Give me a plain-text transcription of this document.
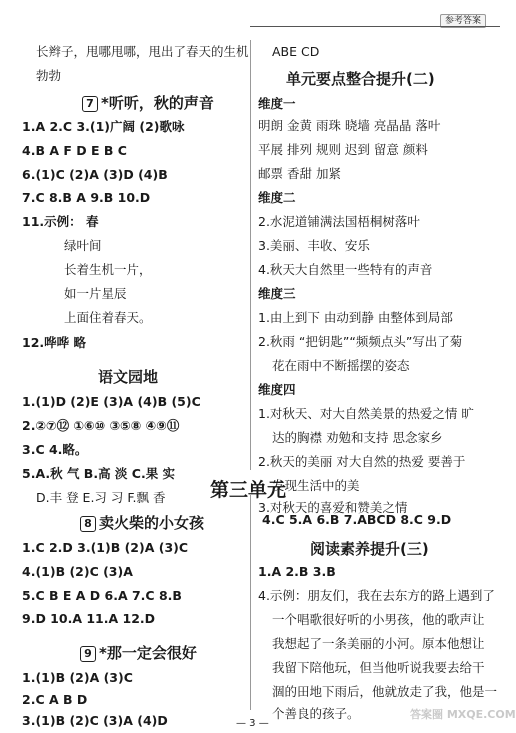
参考答案
长辫子，甩哪甩哪，甩出了春天的生机
勃勃
7 *听听，秋的声音
1.A 2.C 3.(1)广阔 (2)歌咏
4.B A F D E B C
6.(1)C (2)A (3)D (4)B
7.C 8.B A 9.B 10.D
11.示例： 春
绿叶间
长着生机一片，
如一片星辰
上面住着春天。
12.哗哗 略
语文园地
1.(1)D (2)E (3)A (4)B (5)C
2.②⑦⑫ ①⑥⑩ ③⑤⑧ ④⑨⑪
3.C 4.略。
5.A.秋 气 B.高 淡 C.果 实
D.丰 登 E.习 习 F.飘 香 第三单元
8 卖火柴的小女孩
1.C 2.D 3.(1)B (2)A (3)C
4.(1)B (2)C (3)A
5.C B E A D 6.A 7.C 8.B
9.D 10.A 11.A 12.D
9 *那一定会很好
1.(1)B (2)A (3)C
2.C A B D
3.(1)B (2)C (3)A (4)D
ABE CD
单元要点整合提升(二)
维度一
明朗 金黄 雨珠 晓墙 亮晶晶 落叶
平展 排列 规则 迟到 留意 颜料
邮票 香甜 加紧
维度二
2.水泥道铺满法国梧桐树落叶
3.美丽、丰收、安乐
4.秋天大自然里一些特有的声音
维度三
1.由上到下 由动到静 由整体到局部
2.秋雨 “把钥匙”“频频点头”写出了菊
花在雨中不断摇摆的姿态
维度四
1.对秋天、对大自然美景的热爱之情 旷
达的胸襟 劝勉和支持 思念家乡
2.秋天的美丽 对大自然的热爱 要善于
发现生活中的美
3.对秋天的喜爱和赞美之情
4.C 5.A 6.B 7.ABCD 8.C 9.D
阅读素养提升(三)
1.A 2.B 3.B
4.示例：朋友们，我在去东方的路上遇到了
一个唱歌很好听的小男孩，他的歌声让
我想起了一条美丽的小河。原本他想让
我留下陪他玩，但当他听说我要去给干
涸的田地下雨后，他就放走了我，他是一
个善良的孩子。
— 3 —
答案圈 MXQE.COM
